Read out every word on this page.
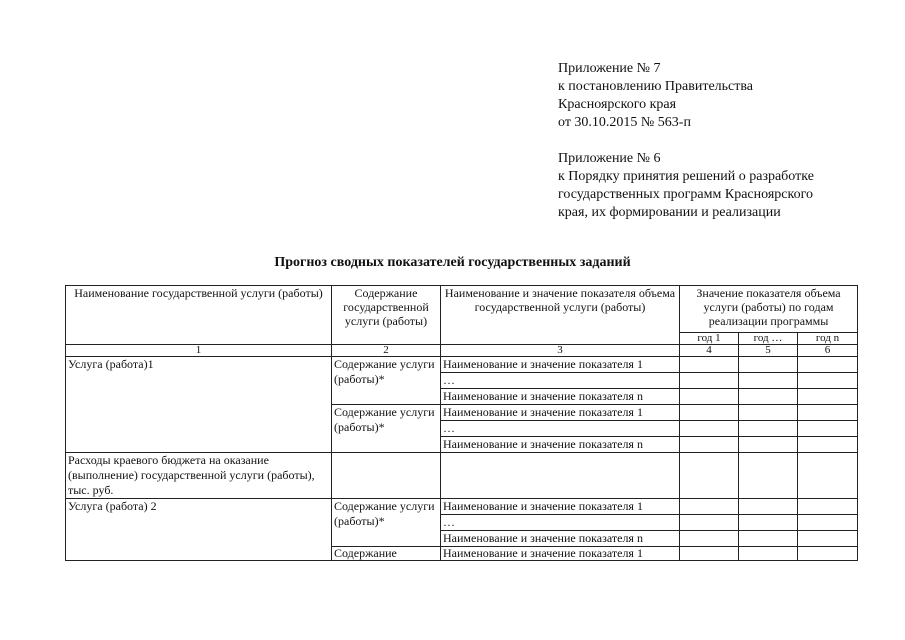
Приложение № 7
к постановлению Правительства
Красноярского края
от 30.10.2015 № 563-п
Приложение № 6
к Порядку принятия решений о разработке
государственных программ Красноярского
края, их формировании и реализации
Прогноз сводных показателей государственных заданий
Наименование государственной услуги (работы)	Содержание государственной услуги (работы)	Наименование и значение показателя объема государственной услуги (работы)	Значение показателя объема услуги (работы) по годам реализации программы		
			год 1	год …	год n
1	2	3	4	5	6
Услуга (работа)1	Содержание услуги (работы)*	Наименование и значение показателя 1			
		…			
		Наименование и значение показателя n			
	Содержание услуги (работы)*	Наименование и значение показателя 1			
		…			
		Наименование и значение показателя n			
Расходы краевого бюджета на оказание (выполнение) государственной услуги (работы), тыс. руб.					
Услуга (работа) 2	Содержание услуги (работы)*	Наименование и значение показателя 1			
		…			
		Наименование и значение показателя n			
	Содержание	Наименование и значение показателя 1			
